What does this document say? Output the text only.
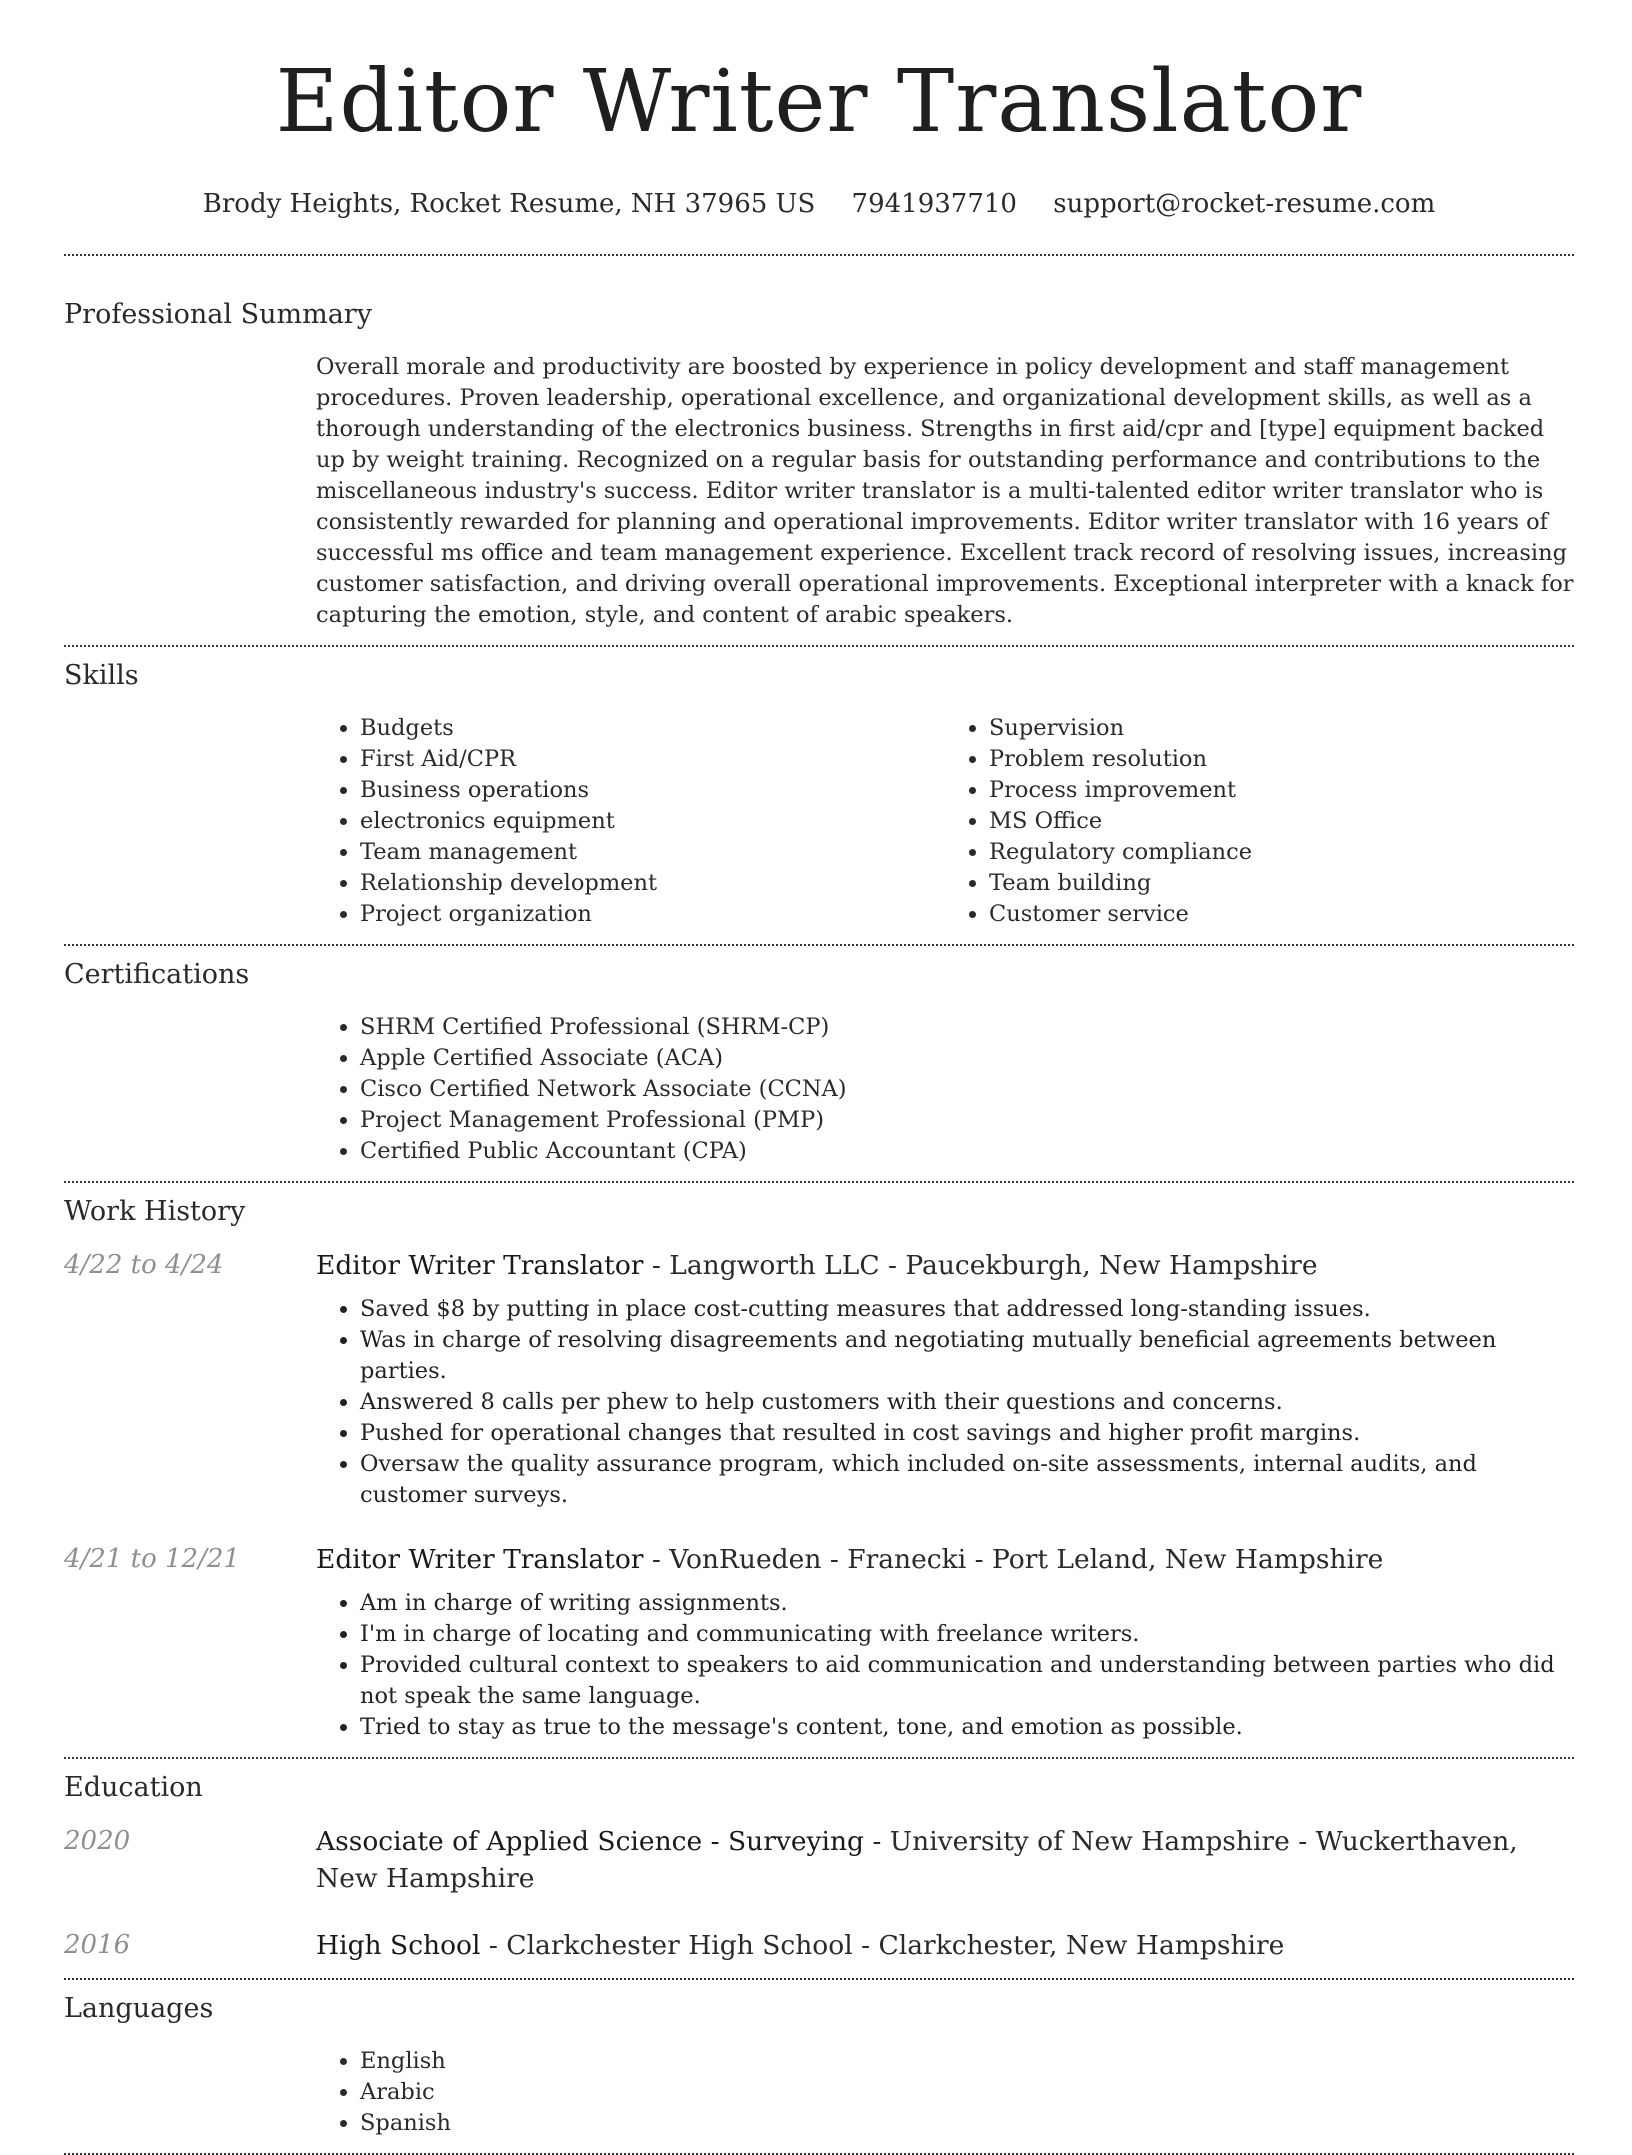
Editor Writer Translator
Brody Heights, Rocket Resume, NH 37965 US 7941937710 support@rocket-resume.com
Professional Summary
Overall morale and productivity are boosted by experience in policy development and staff management procedures. Proven leadership, operational excellence, and organizational development skills, as well as a thorough understanding of the electronics business. Strengths in first aid/cpr and [type] equipment backed up by weight training. Recognized on a regular basis for outstanding performance and contributions to the miscellaneous industry's success. Editor writer translator is a multi-talented editor writer translator who is consistently rewarded for planning and operational improvements. Editor writer translator with 16 years of successful ms office and team management experience. Excellent track record of resolving issues, increasing customer satisfaction, and driving overall operational improvements. Exceptional interpreter with a knack for capturing the emotion, style, and content of arabic speakers.
Skills
• Budgets
• First Aid/CPR
• Business operations
• electronics equipment
• Team management
• Relationship development
• Project organization
• Supervision
• Problem resolution
• Process improvement
• MS Office
• Regulatory compliance
• Team building
• Customer service
Certifications
• SHRM Certified Professional (SHRM-CP)
• Apple Certified Associate (ACA)
• Cisco Certified Network Associate (CCNA)
• Project Management Professional (PMP)
• Certified Public Accountant (CPA)
Work History
4/22 to 4/24	Editor Writer Translator - Langworth LLC - Paucekburgh, New Hampshire
• Saved $8 by putting in place cost-cutting measures that addressed long-standing issues.
• Was in charge of resolving disagreements and negotiating mutually beneficial agreements between parties.
• Answered 8 calls per phew to help customers with their questions and concerns.
• Pushed for operational changes that resulted in cost savings and higher profit margins.
• Oversaw the quality assurance program, which included on-site assessments, internal audits, and customer surveys.
4/21 to 12/21	Editor Writer Translator - VonRueden - Franecki - Port Leland, New Hampshire
• Am in charge of writing assignments.
• I'm in charge of locating and communicating with freelance writers.
• Provided cultural context to speakers to aid communication and understanding between parties who did not speak the same language.
• Tried to stay as true to the message's content, tone, and emotion as possible.
Education
2020	Associate of Applied Science - Surveying - University of New Hampshire - Wuckerthaven, New Hampshire
2016	High School - Clarkchester High School - Clarkchester, New Hampshire
Languages
• English
• Arabic
• Spanish
